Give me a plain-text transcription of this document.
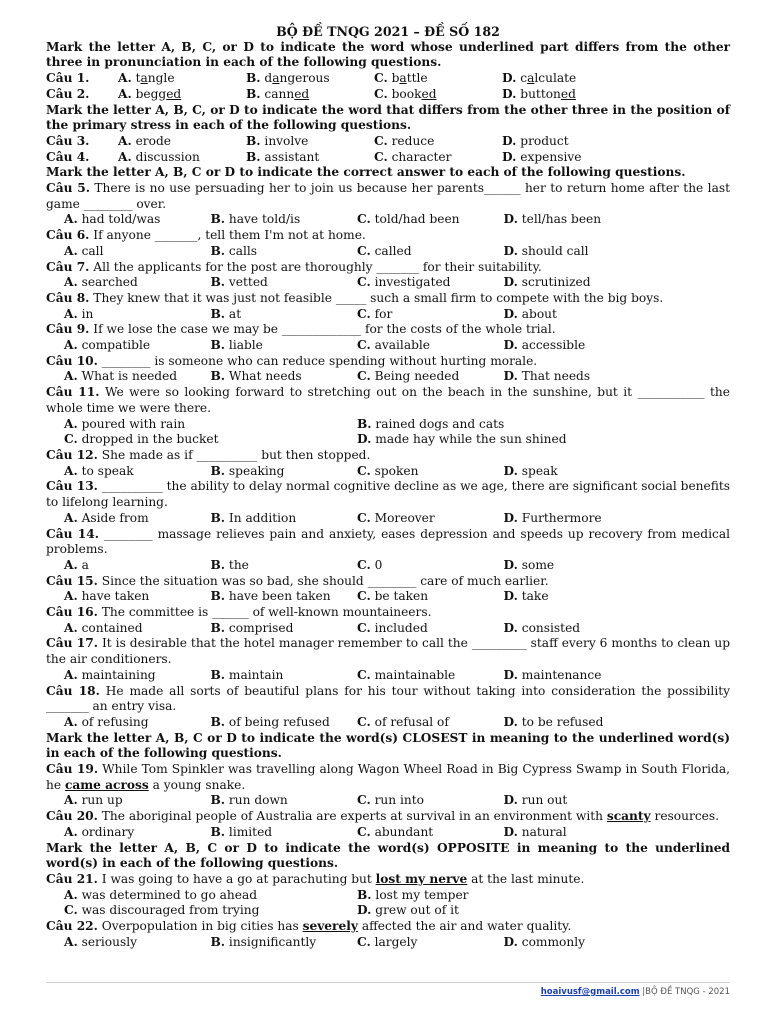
BỘ ĐỀ TNQG 2021 – ĐỀ SỐ 182
Mark the letter A, B, C, or D to indicate the word whose underlined part differs from the other three in pronunciation in each of the following questions.
Câu 1.	A. tangle	B. dangerous	C. battle	D. calculate
Câu 2.	A. begged	B. canned	C. booked	D. buttoned
Mark the letter A, B, C, or D to indicate the word that differs from the other three in the position of the primary stress in each of the following questions.
Câu 3.	A. erode	B. involve	C. reduce	D. product
Câu 4.	A. discussion	B. assistant	C. character	D. expensive
Mark the letter A, B, C or D to indicate the correct answer to each of the following questions.
Câu 5. There is no use persuading her to join us because her parents______ her to return home after the last game ________ over.
A. had told/was	B. have told/is	C. told/had been	D. tell/has been
Câu 6. If anyone _______, tell them I'm not at home.
A. call	B. calls	C. called	D. should call
Câu 7. All the applicants for the post are thoroughly _______ for their suitability.
A. searched	B. vetted	C. investigated	D. scrutinized
Câu 8. They knew that it was just not feasible _____ such a small firm to compete with the big boys.
A. in	B. at	C. for	D. about
Câu 9. If we lose the case we may be _____________ for the costs of the whole trial.
A. compatible	B. liable	C. available	D. accessible
Câu 10. ________ is someone who can reduce spending without hurting morale.
A. What is needed	B. What needs	C. Being needed	D. That needs
Câu 11. We were so looking forward to stretching out on the beach in the sunshine, but it ___________ the whole time we were there.
A. poured with rain	B. rained dogs and cats
C. dropped in the bucket	D. made hay while the sun shined
Câu 12. She made as if __________ but then stopped.
A. to speak	B. speaking	C. spoken	D. speak
Câu 13. __________ the ability to delay normal cognitive decline as we age, there are significant social benefits to lifelong learning.
A. Aside from	B. In addition	C. Moreover	D. Furthermore
Câu 14. ________ massage relieves pain and anxiety, eases depression and speeds up recovery from medical problems.
A. a	B. the	C. 0	D. some
Câu 15. Since the situation was so bad, she should ________ care of much earlier.
A. have taken	B. have been taken	C. be taken	D. take
Câu 16. The committee is ______ of well-known mountaineers.
A. contained	B. comprised	C. included	D. consisted
Câu 17. It is desirable that the hotel manager remember to call the _________ staff every 6 months to clean up the air conditioners.
A. maintaining	B. maintain	C. maintainable	D. maintenance
Câu 18. He made all sorts of beautiful plans for his tour without taking into consideration the possibility _______ an entry visa.
A. of refusing	B. of being refused	C. of refusal of	D. to be refused
Mark the letter A, B, C or D to indicate the word(s) CLOSEST in meaning to the underlined word(s) in each of the following questions.
Câu 19. While Tom Spinkler was travelling along Wagon Wheel Road in Big Cypress Swamp in South Florida, he came across a young snake.
A. run up	B. run down	C. run into	D. run out
Câu 20. The aboriginal people of Australia are experts at survival in an environment with scanty resources.
A. ordinary	B. limited	C. abundant	D. natural
Mark the letter A, B, C or D to indicate the word(s) OPPOSITE in meaning to the underlined word(s) in each of the following questions.
Câu 21. I was going to have a go at parachuting but lost my nerve at the last minute.
A. was determined to go ahead	B. lost my temper
C. was discouraged from trying	D. grew out of it
Câu 22. Overpopulation in big cities has severely affected the air and water quality.
A. seriously	B. insignificantly	C. largely	D. commonly
hoaivusf@gmail.com |BỘ ĐỀ TNQG - 2021
